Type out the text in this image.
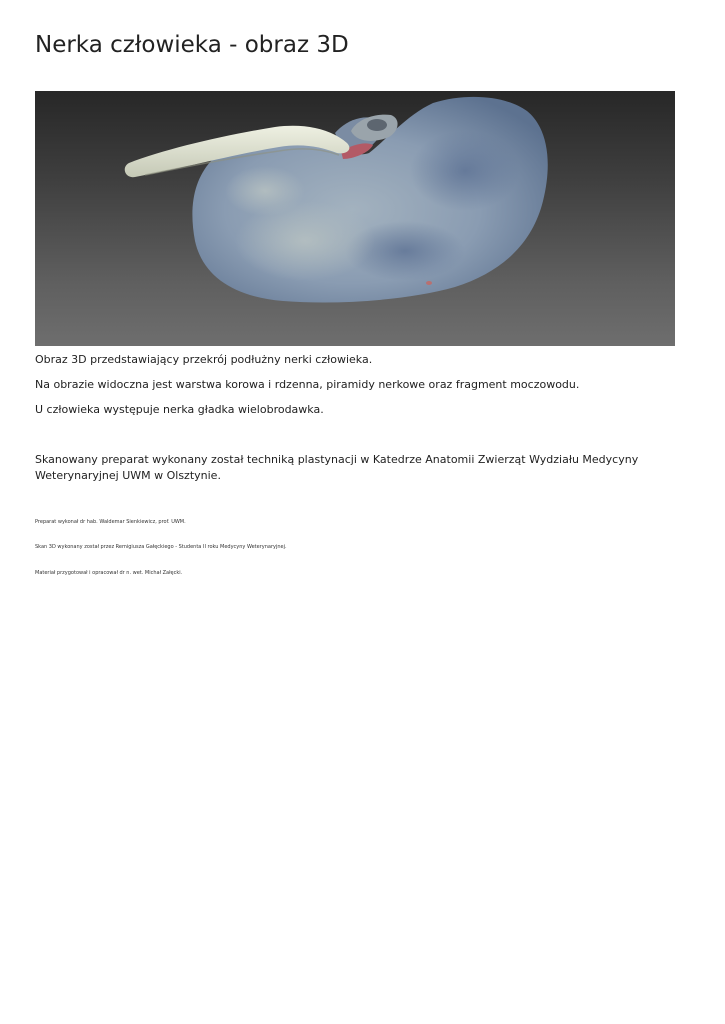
Nerka człowieka - obraz 3D

Obraz 3D przedstawiający przekrój podłużny nerki człowieka.

Na obrazie widoczna jest warstwa korowa i rdzenna, piramidy nerkowe oraz fragment moczowodu.

U człowieka występuje nerka gładka wielobrodawka.

Skanowany preparat wykonany został techniką plastynacji w Katedrze Anatomii Zwierząt Wydziału Medycyny Weterynaryjnej UWM w Olsztynie.

Preparat wykonał dr hab. Waldemar Sienkiewicz, prof. UWM.

Skan 3D wykonany został przez Remigiusza Gałęckiego - Studenta II roku Medycyny Weterynaryjnej.

Materiał przygotował i opracował dr n. wet. Michał Załęcki.
